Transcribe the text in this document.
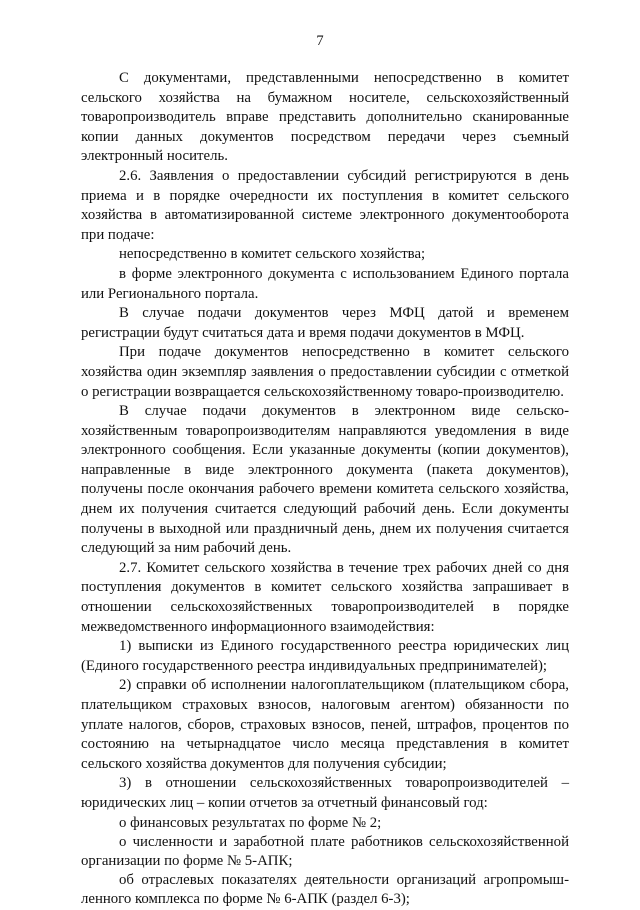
7

С документами, представленными непосредственно в комитет сельского хозяйства на бумажном носителе, сельскохозяйственный товаропроизводитель вправе представить дополнительно сканированные копии данных документов посредством передачи через съемный электронный носитель.

2.6. Заявления о предоставлении субсидий регистрируются в день приема и в порядке очередности их поступления в комитет сельского хозяйства в автоматизированной системе электронного документооборота при подаче:

непосредственно в комитет сельского хозяйства;

в форме электронного документа с использованием Единого портала или Регионального портала.

В случае подачи документов через МФЦ датой и временем регистрации будут считаться дата и время подачи документов в МФЦ.

При подаче документов непосредственно в комитет сельского хозяйства один экземпляр заявления о предоставлении субсидии с отметкой о регистрации возвращается сельскохозяйственному товаро-производителю.

В случае подачи документов в электронном виде сельско-хозяйственным товаропроизводителям направляются уведомления в виде электронного сообщения. Если указанные документы (копии документов), направленные в виде электронного документа (пакета документов), получены после окончания рабочего времени комитета сельского хозяйства, днем их получения считается следующий рабочий день. Если документы получены в выходной или праздничный день, днем их получения считается следующий за ним рабочий день.

2.7. Комитет сельского хозяйства в течение трех рабочих дней со дня поступления документов в комитет сельского хозяйства запрашивает в отношении сельскохозяйственных товаропроизводителей в порядке межведомственного информационного взаимодействия:

1) выписки из Единого государственного реестра юридических лиц (Единого государственного реестра индивидуальных предпринимателей);

2) справки об исполнении налогоплательщиком (плательщиком сбора, плательщиком страховых взносов, налоговым агентом) обязанности по уплате налогов, сборов, страховых взносов, пеней, штрафов, процентов по состоянию на четырнадцатое число месяца представления в комитет сельского хозяйства документов для получения субсидии;

3) в отношении сельскохозяйственных товаропроизводителей – юридических лиц – копии отчетов за отчетный финансовый год:

о финансовых результатах по форме № 2;

о численности и заработной плате работников сельскохозяйственной организации по форме № 5-АПК;

об отраслевых показателях деятельности организаций агропромыш-ленного комплекса по форме № 6-АПК (раздел 6-3);
